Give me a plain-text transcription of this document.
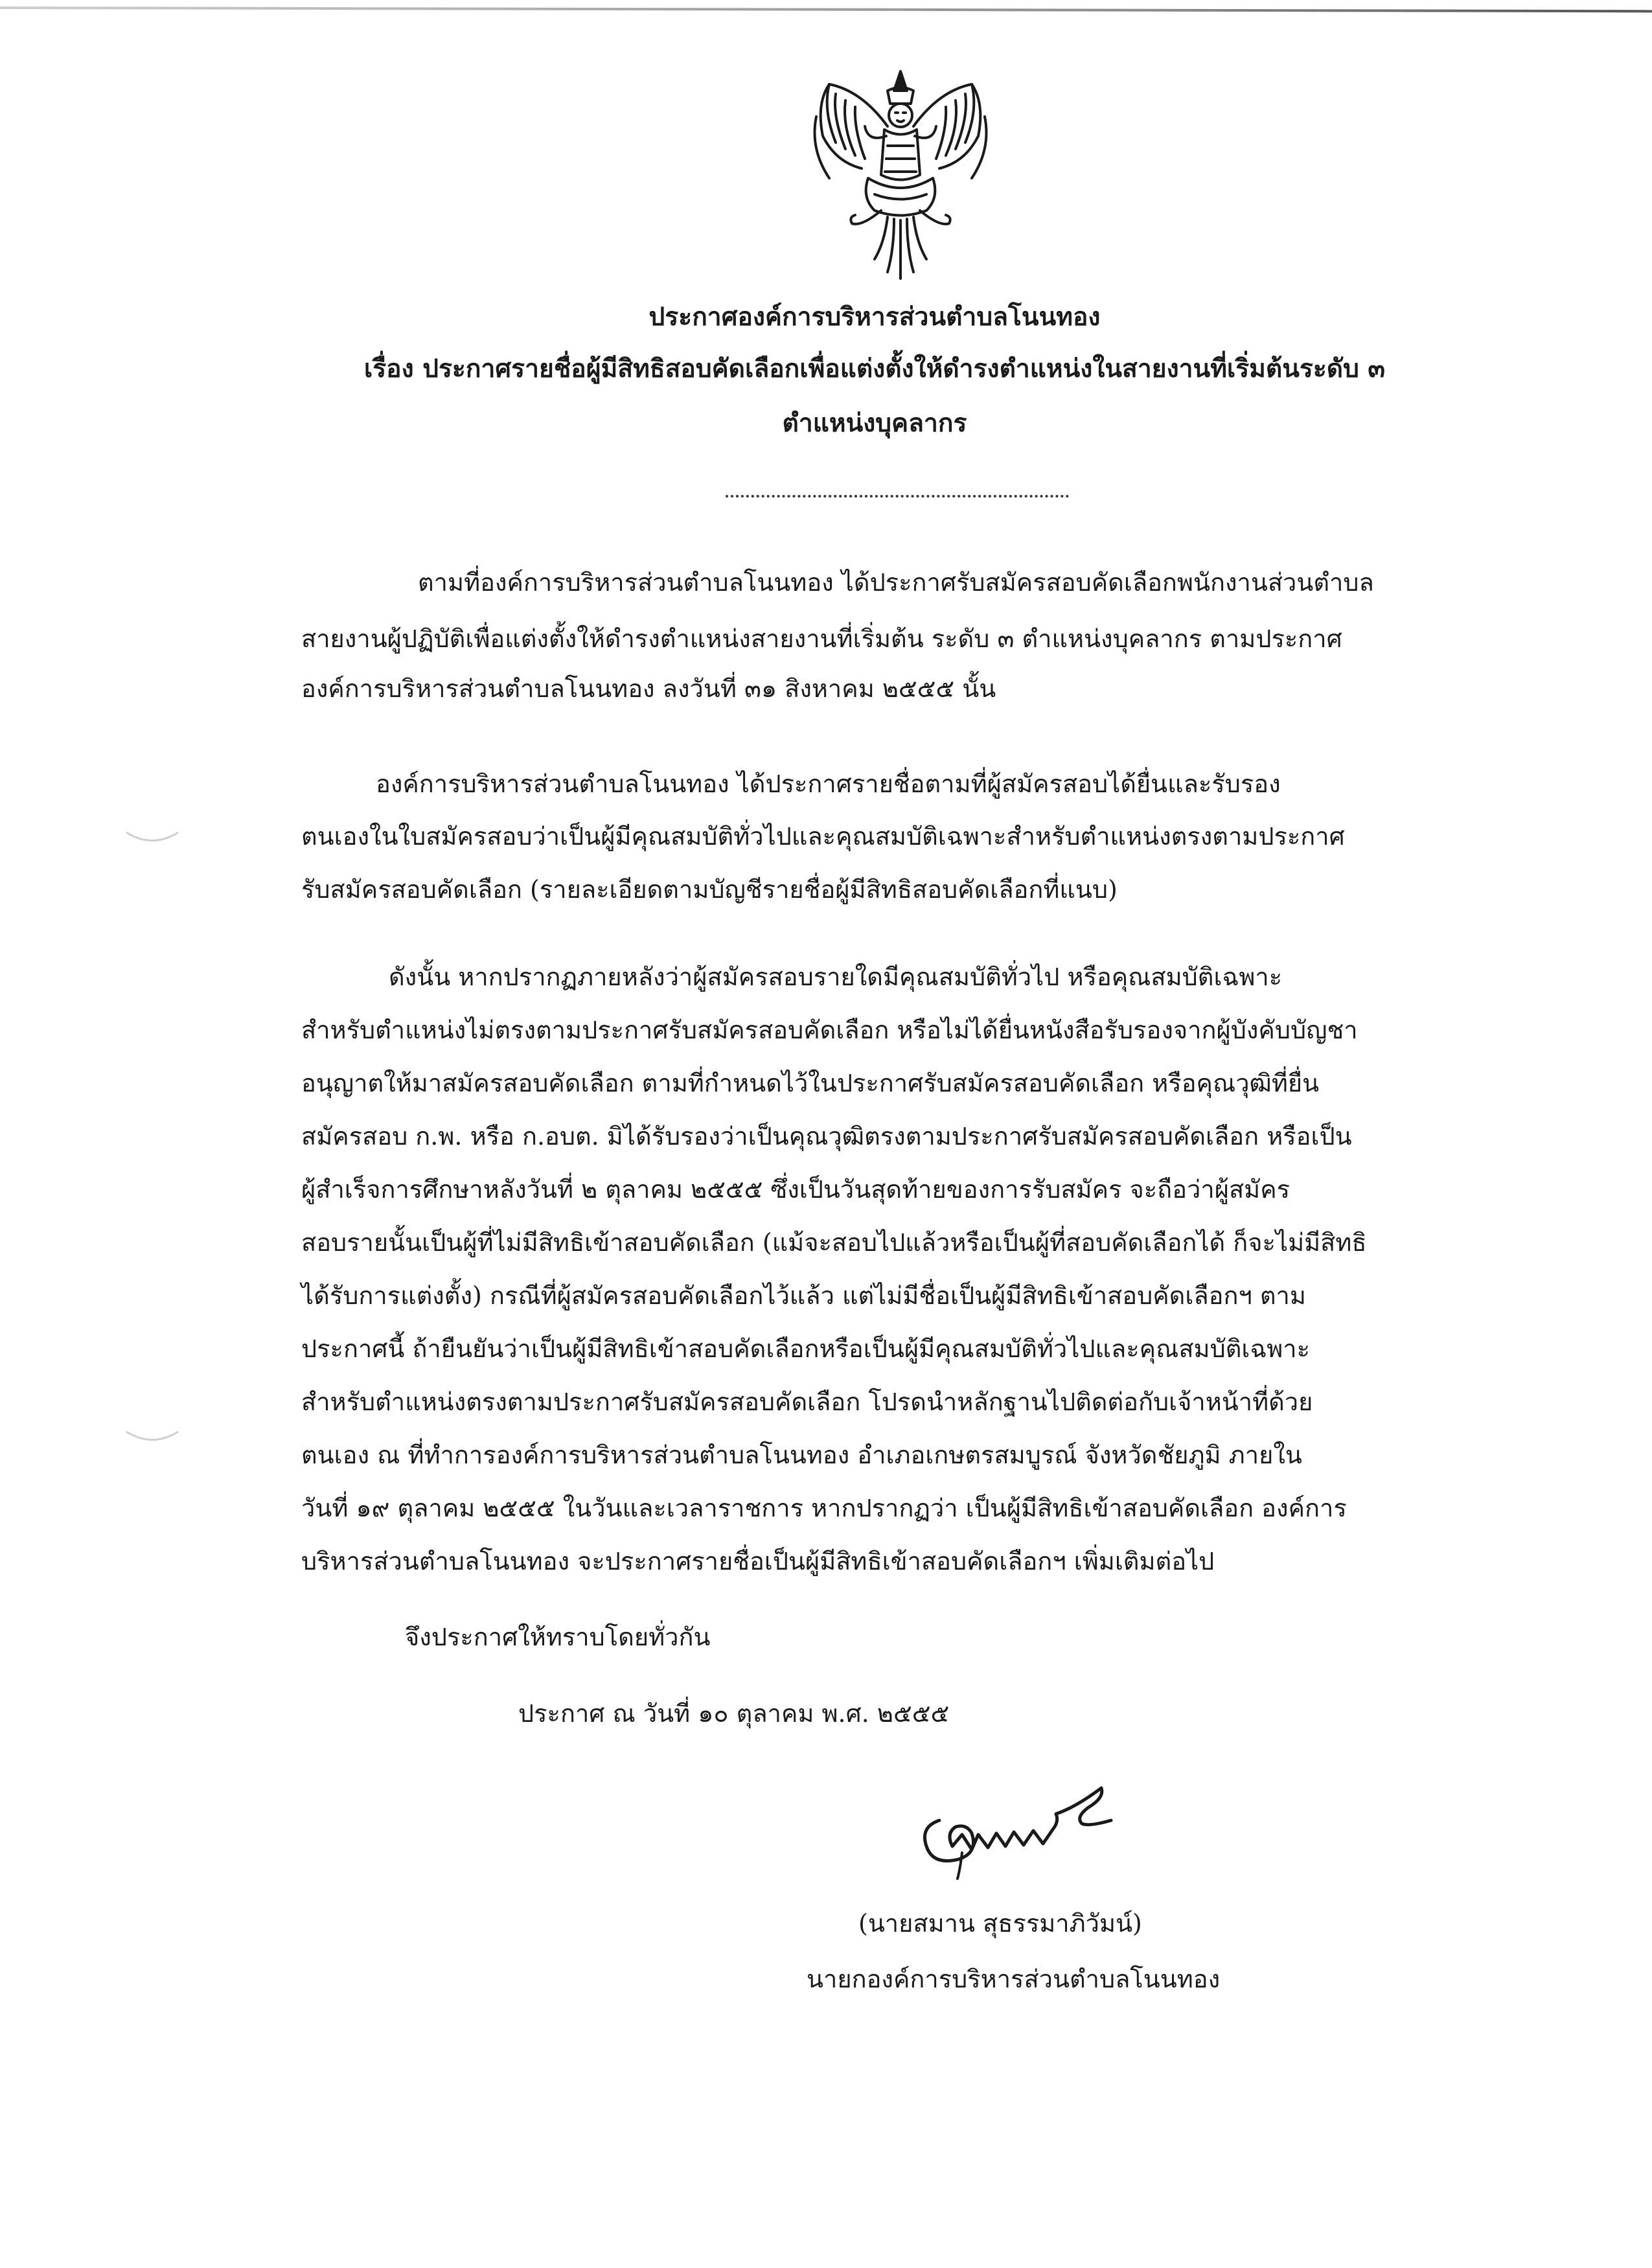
ประกาศองค์การบริหารส่วนตำบลโนนทอง
เรื่อง ประกาศรายชื่อผู้มีสิทธิสอบคัดเลือกเพื่อแต่งตั้งให้ดำรงตำแหน่งในสายงานที่เริ่มต้นระดับ ๓
ตำแหน่งบุคลากร
ตามที่องค์การบริหารส่วนตำบลโนนทอง ได้ประกาศรับสมัครสอบคัดเลือกพนักงานส่วนตำบล
สายงานผู้ปฏิบัติเพื่อแต่งตั้งให้ดำรงตำแหน่งสายงานที่เริ่มต้น ระดับ ๓ ตำแหน่งบุคลากร ตามประกาศ
องค์การบริหารส่วนตำบลโนนทอง ลงวันที่ ๓๑ สิงหาคม ๒๕๕๕ นั้น
องค์การบริหารส่วนตำบลโนนทอง ได้ประกาศรายชื่อตามที่ผู้สมัครสอบได้ยื่นและรับรอง
ตนเองในใบสมัครสอบว่าเป็นผู้มีคุณสมบัติทั่วไปและคุณสมบัติเฉพาะสำหรับตำแหน่งตรงตามประกาศ
รับสมัครสอบคัดเลือก (รายละเอียดตามบัญชีรายชื่อผู้มีสิทธิสอบคัดเลือกที่แนบ)
ดังนั้น หากปรากฏภายหลังว่าผู้สมัครสอบรายใดมีคุณสมบัติทั่วไป หรือคุณสมบัติเฉพาะ
สำหรับตำแหน่งไม่ตรงตามประกาศรับสมัครสอบคัดเลือก หรือไม่ได้ยื่นหนังสือรับรองจากผู้บังคับบัญชา
อนุญาตให้มาสมัครสอบคัดเลือก ตามที่กำหนดไว้ในประกาศรับสมัครสอบคัดเลือก หรือคุณวุฒิที่ยื่น
สมัครสอบ ก.พ. หรือ ก.อบต. มิได้รับรองว่าเป็นคุณวุฒิตรงตามประกาศรับสมัครสอบคัดเลือก หรือเป็น
ผู้สำเร็จการศึกษาหลังวันที่ ๒ ตุลาคม ๒๕๕๕ ซึ่งเป็นวันสุดท้ายของการรับสมัคร จะถือว่าผู้สมัคร
สอบรายนั้นเป็นผู้ที่ไม่มีสิทธิเข้าสอบคัดเลือก (แม้จะสอบไปแล้วหรือเป็นผู้ที่สอบคัดเลือกได้ ก็จะไม่มีสิทธิ
ได้รับการแต่งตั้ง) กรณีที่ผู้สมัครสอบคัดเลือกไว้แล้ว แต่ไม่มีชื่อเป็นผู้มีสิทธิเข้าสอบคัดเลือกฯ ตาม
ประกาศนี้ ถ้ายืนยันว่าเป็นผู้มีสิทธิเข้าสอบคัดเลือกหรือเป็นผู้มีคุณสมบัติทั่วไปและคุณสมบัติเฉพาะ
สำหรับตำแหน่งตรงตามประกาศรับสมัครสอบคัดเลือก โปรดนำหลักฐานไปติดต่อกับเจ้าหน้าที่ด้วย
ตนเอง ณ ที่ทำการองค์การบริหารส่วนตำบลโนนทอง อำเภอเกษตรสมบูรณ์ จังหวัดชัยภูมิ ภายใน
วันที่ ๑๙ ตุลาคม ๒๕๕๕ ในวันและเวลาราชการ หากปรากฏว่า เป็นผู้มีสิทธิเข้าสอบคัดเลือก องค์การ
บริหารส่วนตำบลโนนทอง จะประกาศรายชื่อเป็นผู้มีสิทธิเข้าสอบคัดเลือกฯ เพิ่มเติมต่อไป
จึงประกาศให้ทราบโดยทั่วกัน
ประกาศ ณ วันที่ ๑๐ ตุลาคม พ.ศ. ๒๕๕๕
(นายสมาน สุธรรมาภิวัมน์)
นายกองค์การบริหารส่วนตำบลโนนทอง
